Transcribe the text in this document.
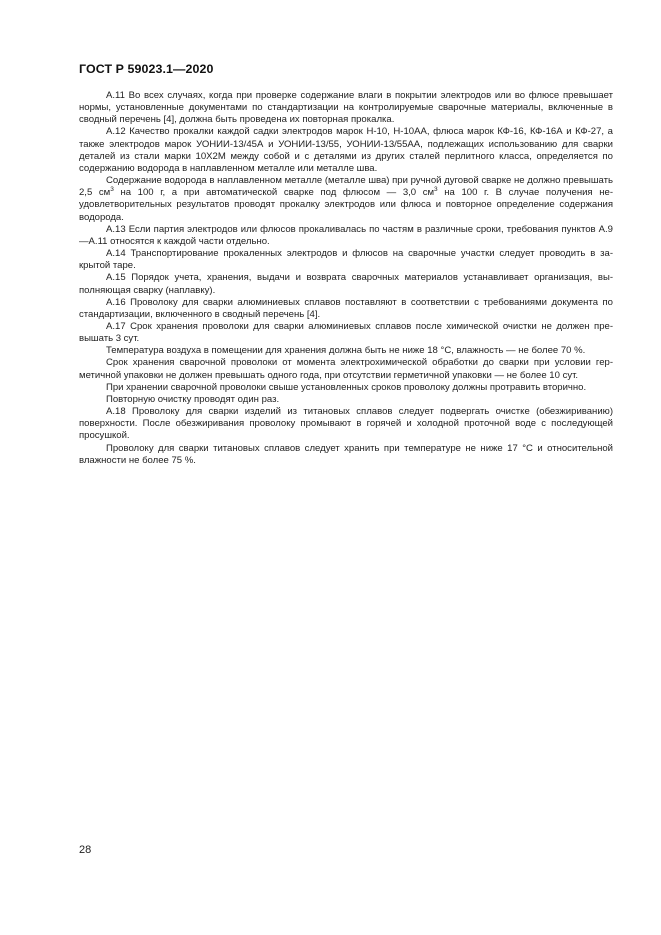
ГОСТ Р 59023.1—2020

А.11 Во всех случаях, когда при проверке содержание влаги в покрытии электродов или во флюсе превышает нормы, установленные документами по стандартизации на контролируемые сварочные материалы, включенные в сводный перечень [4], должна быть проведена их повторная прокалка.

А.12 Качество прокалки каждой садки электродов марок Н-10, Н-10АА, флюса марок КФ-16, КФ-16А и КФ-27, а также электродов марок УОНИИ-13/45А и УОНИИ-13/55, УОНИИ-13/55АА, подлежащих использованию для сварки деталей из стали марки 10Х2М между собой и с деталями из других сталей перлитного класса, определяется по содержанию водорода в наплавленном металле или металле шва.

Содержание водорода в наплавленном металле (металле шва) при ручной дуговой сварке не должно превышать 2,5 $см^3$ на 100 г, а при автоматической сварке под флюсом — 3,0 $см^3$ на 100 г. В случае получения неудовлетворительных результатов проводят прокалку электродов или флюса и повторное определение содержания водорода.

А.13 Если партия электродов или флюсов прокаливалась по частям в различные сроки, требования пунктов А.9—А.11 относятся к каждой части отдельно.

А.14 Транспортирование прокаленных электродов и флюсов на сварочные участки следует проводить в закрытой таре.

А.15 Порядок учета, хранения, выдачи и возврата сварочных материалов устанавливает организация, выполняющая сварку (наплавку).

А.16 Проволоку для сварки алюминиевых сплавов поставляют в соответствии с требованиями документа по стандартизации, включенного в сводный перечень [4].

А.17 Срок хранения проволоки для сварки алюминиевых сплавов после химической очистки не должен превышать 3 сут.

Температура воздуха в помещении для хранения должна быть не ниже 18 °С, влажность — не более 70 %.

Срок хранения сварочной проволоки от момента электрохимической обработки до сварки при условии герметичной упаковки не должен превышать одного года, при отсутствии герметичной упаковки — не более 10 сут.

При хранении сварочной проволоки свыше установленных сроков проволоку должны протравить вторично.

Повторную очистку проводят один раз.

А.18 Проволоку для сварки изделий из титановых сплавов следует подвергать очистке (обезжириванию) поверхности. После обезжиривания проволоку промывают в горячей и холодной проточной воде с последующей просушкой.

Проволоку для сварки титановых сплавов следует хранить при температуре не ниже 17 °С и относительной влажности не более 75 %.

28
